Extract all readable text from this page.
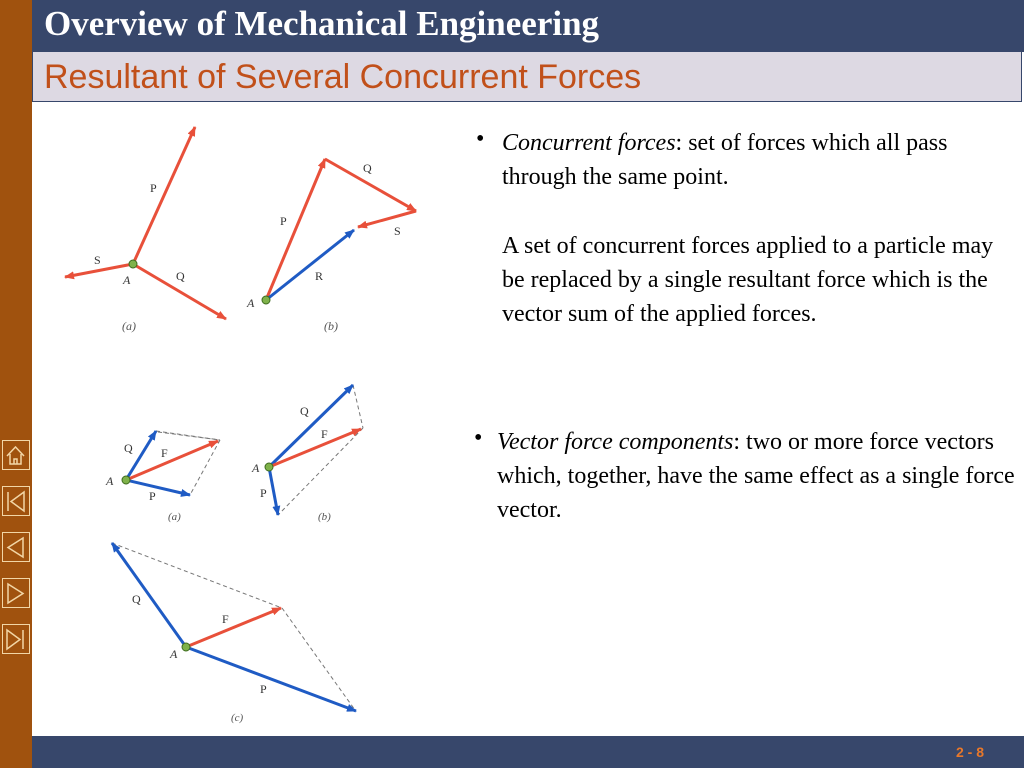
Overview of Mechanical Engineering
Resultant of Several Concurrent Forces
P
S
Q
A
(a)
P
Q
S
R
A
(b)
Q F
P
A
(a)
Q
F
P
A
(b)
Q
F
P
A
(c)
• Concurrent forces: set of forces which all pass through the same point.
A set of concurrent forces applied to a particle may be replaced by a single resultant force which is the vector sum of the applied forces.
• Vector force components: two or more force vectors which, together, have the same effect as a single force vector.
2 - 8
